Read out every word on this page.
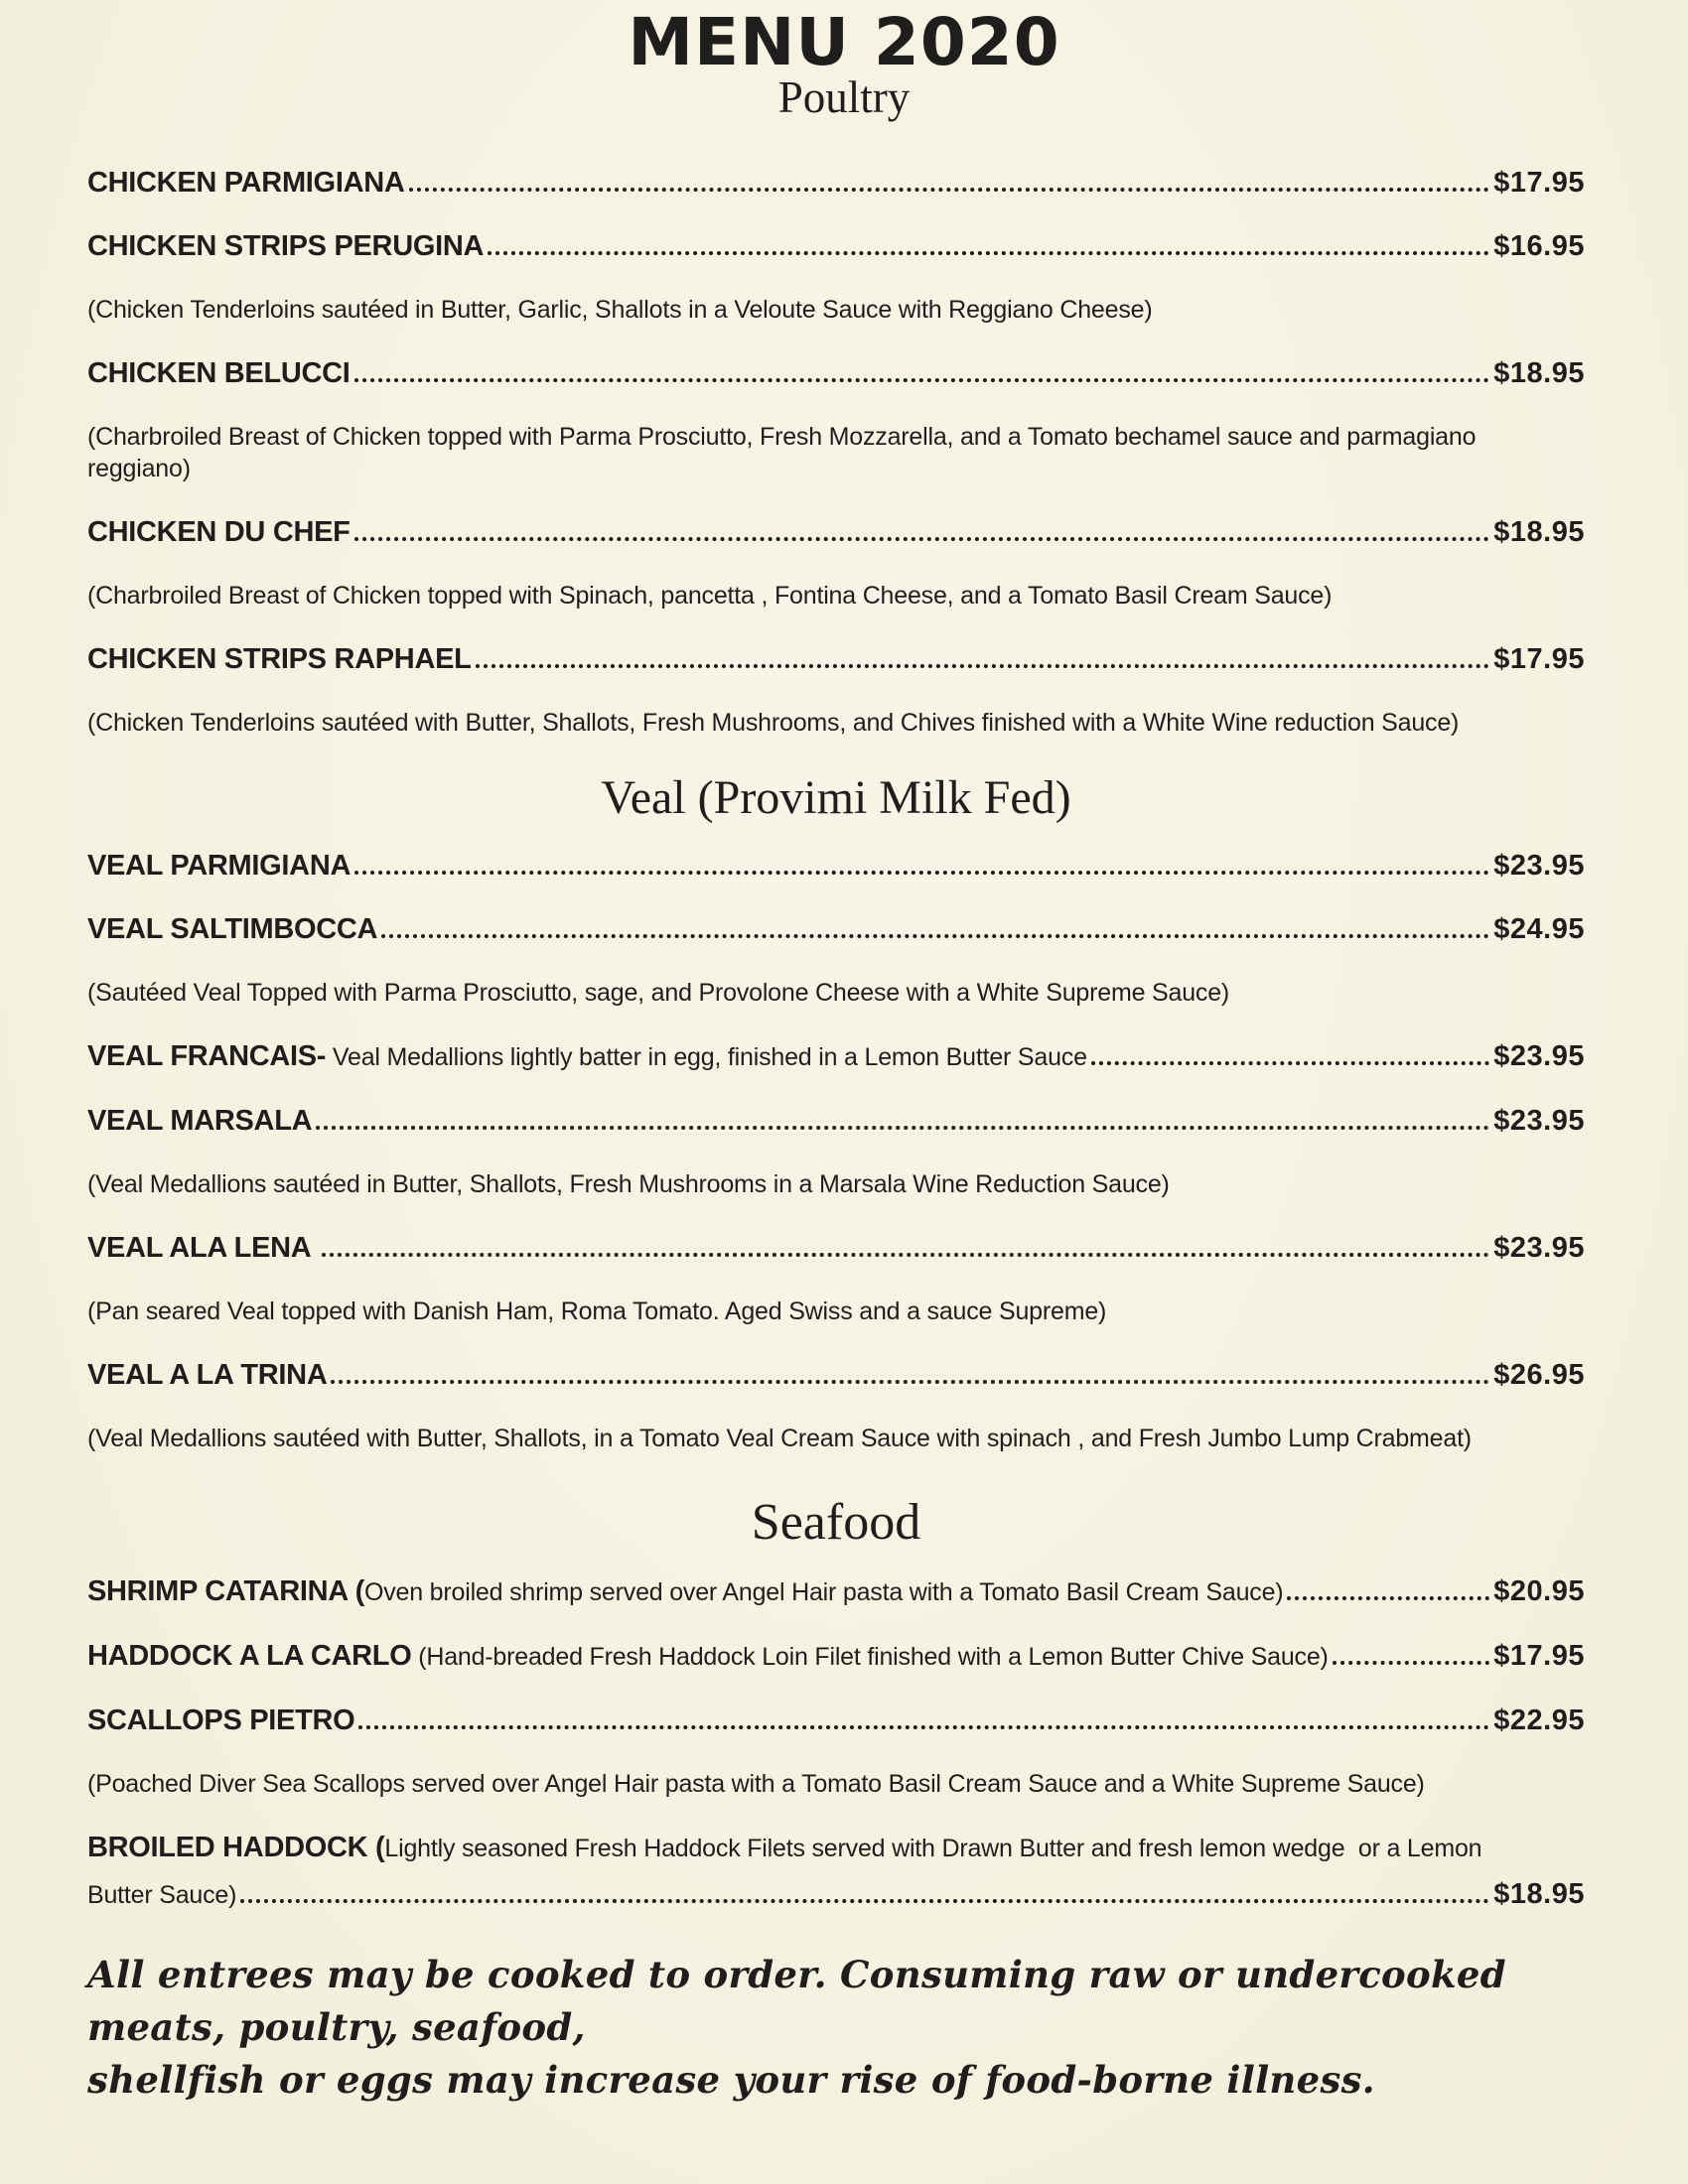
MENU 2020
Poultry
CHICKEN PARMIGIANA	$17.95
CHICKEN STRIPS PERUGINA	$16.95

(Chicken Tenderloins sautéed in Butter, Garlic, Shallots in a Veloute Sauce with Reggiano Cheese)

CHICKEN BELUCCI	$18.95

(Charbroiled Breast of Chicken topped with Parma Prosciutto, Fresh Mozzarella, and a Tomato bechamel sauce and parmagiano reggiano)

CHICKEN DU CHEF	$18.95

(Charbroiled Breast of Chicken topped with Spinach, pancetta , Fontina Cheese, and a Tomato Basil Cream Sauce)

CHICKEN STRIPS RAPHAEL	$17.95

(Chicken Tenderloins sautéed with Butter, Shallots, Fresh Mushrooms, and Chives finished with a White Wine reduction Sauce)

Veal (Provimi Milk Fed)
VEAL PARMIGIANA	$23.95
VEAL SALTIMBOCCA	$24.95

(Sautéed Veal Topped with Parma Prosciutto, sage, and Provolone Cheese with a White Supreme Sauce)

VEAL FRANCAIS- Veal Medallions lightly batter in egg, finished in a Lemon Butter Sauce	$23.95
VEAL MARSALA	$23.95

(Veal Medallions sautéed in Butter, Shallots, Fresh Mushrooms in a Marsala Wine Reduction Sauce)

VEAL ALA LENA	$23.95

(Pan seared Veal topped with Danish Ham, Roma Tomato. Aged Swiss and a sauce Supreme)

VEAL A LA TRINA	$26.95

(Veal Medallions sautéed with Butter, Shallots, in a Tomato Veal Cream Sauce with spinach , and Fresh Jumbo Lump Crabmeat)

Seafood
SHRIMP CATARINA ( Oven broiled shrimp served over Angel Hair pasta with a Tomato Basil Cream Sauce)	$20.95
HADDOCK A LA CARLO (Hand-breaded Fresh Haddock Loin Filet finished with a Lemon Butter Chive Sauce)	$17.95
SCALLOPS PIETRO	$22.95

(Poached Diver Sea Scallops served over Angel Hair pasta with a Tomato Basil Cream Sauce and a White Supreme Sauce)

BROILED HADDOCK (Lightly seasoned Fresh Haddock Filets served with Drawn Butter and fresh lemon wedge  or a Lemon

Butter Sauce)	$18.95
All entrees may be cooked to order. Consuming raw or undercooked meats, poultry, seafood,
shellfish or eggs may increase your rise of food-borne illness.
